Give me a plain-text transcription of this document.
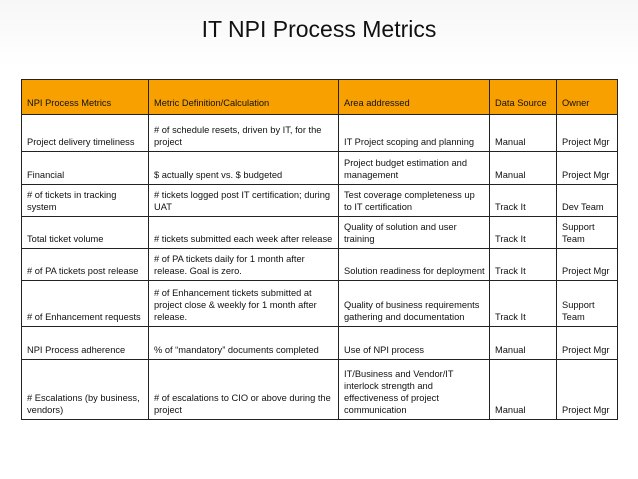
IT NPI Process Metrics
NPI Process Metrics	Metric Definition/Calculation	Area addressed	Data Source	Owner
Project delivery timeliness	# of schedule resets, driven by IT, for the project	IT Project scoping and planning	Manual	Project Mgr
Financial	$ actually spent vs. $ budgeted	Project budget estimation and management	Manual	Project Mgr
# of tickets in tracking system	# tickets logged post IT certification; during UAT	Test coverage completeness up to IT certification	Track It	Dev Team
Total ticket volume	# tickets submitted each week after release	Quality of solution and user training	Track It	Support Team
# of PA tickets post release	# of PA tickets daily for 1 month after release. Goal is zero.	Solution readiness for deployment	Track It	Project Mgr
# of Enhancement requests	# of Enhancement tickets submitted at project close & weekly for 1 month after release.	Quality of business requirements gathering and documentation	Track It	Support Team
NPI Process adherence	% of “mandatory” documents completed	Use of NPI process	Manual	Project Mgr
# Escalations (by business, vendors)	# of escalations to CIO or above during the project	IT/Business and Vendor/IT interlock strength and effectiveness of project communication	Manual	Project Mgr
